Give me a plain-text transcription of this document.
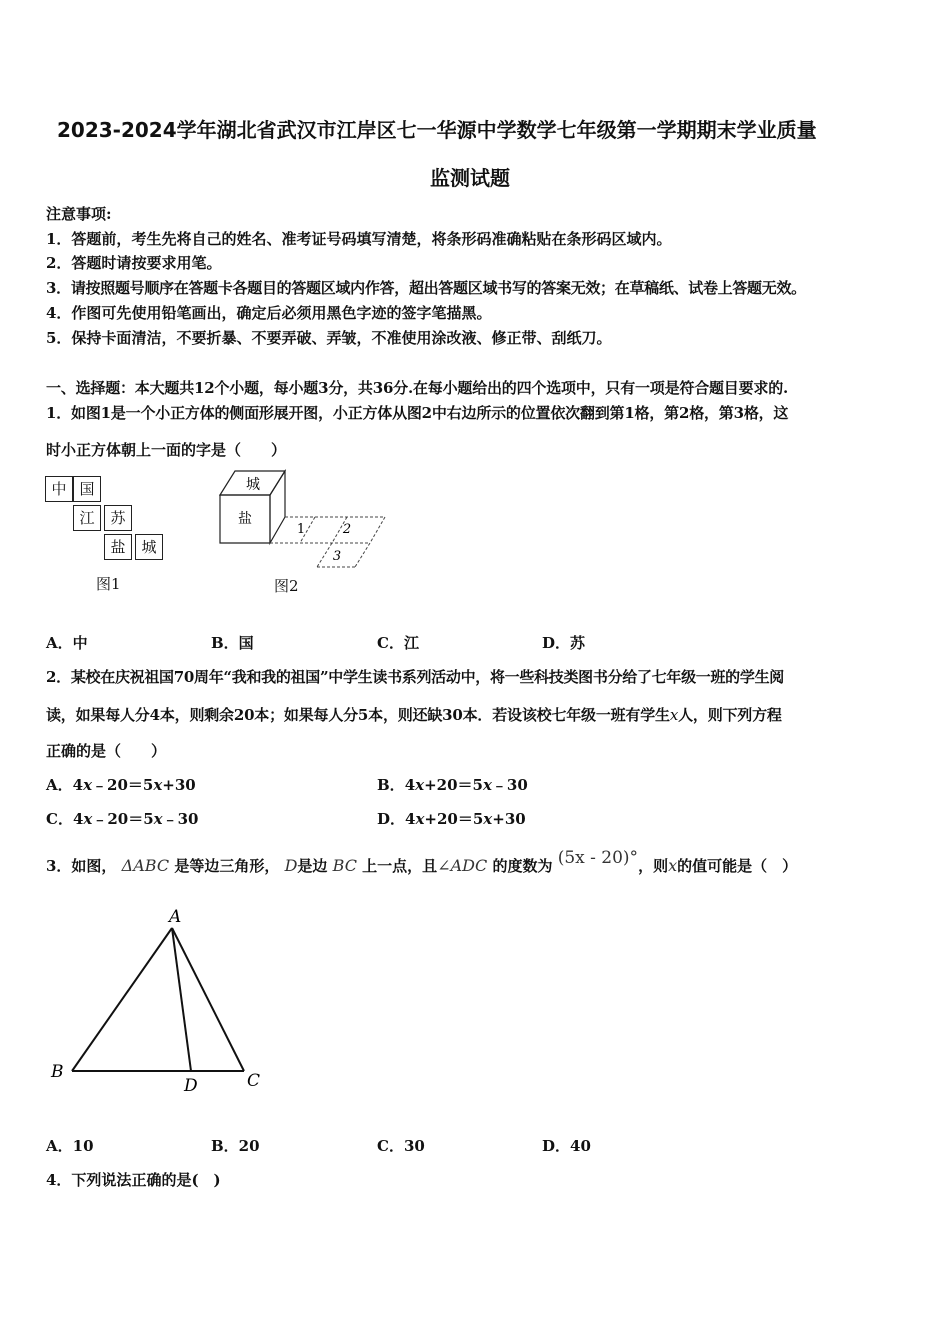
2023-2024学年湖北省武汉市江岸区七一华源中学数学七年级第一学期期末学业质量
监测试题
注意事项:
1．答题前，考生先将自己的姓名、准考证号码填写清楚，将条形码准确粘贴在条形码区域内。
2．答题时请按要求用笔。
3．请按照题号顺序在答题卡各题目的答题区域内作答，超出答题区域书写的答案无效；在草稿纸、试卷上答题无效。
4．作图可先使用铅笔画出，确定后必须用黑色字迹的签字笔描黑。
5．保持卡面清洁，不要折暴、不要弄破、弄皱，不准使用涂改液、修正带、刮纸刀。
一、选择题：本大题共12个小题，每小题3分，共36分.在每小题给出的四个选项中，只有一项是符合题目要求的.
1．如图1是一个小正方体的侧面形展开图，小正方体从图2中右边所示的位置依次翻到第1格，第2格，第3格，这
时小正方体朝上一面的字是（　　）
中 国
江	苏
盐	城
图1
城
盐
1	2
3
图2
A．中	B．国	C．江	D．苏
2．某校在庆祝祖国70周年“我和我的祖国”中学生读书系列活动中，将一些科技类图书分给了七年级一班的学生阅
读，如果每人分4本，则剩余20本；如果每人分5本，则还缺30本．若设该校七年级一班有学生x人，则下列方程
正确的是（　　）
A．4x﹣20＝5x+30	B．4x+20＝5x﹣30
C．4x﹣20＝5x﹣30	D．4x+20＝5x+30
3．如图， ΔABC 是等边三角形， D是边 BC 上一点，且∠ADC 的度数为 (5x - 20)°，则x的值可能是（　）
A
B	C
D
A．10	B．20	C．30	D．40
4．下列说法正确的是(　)
